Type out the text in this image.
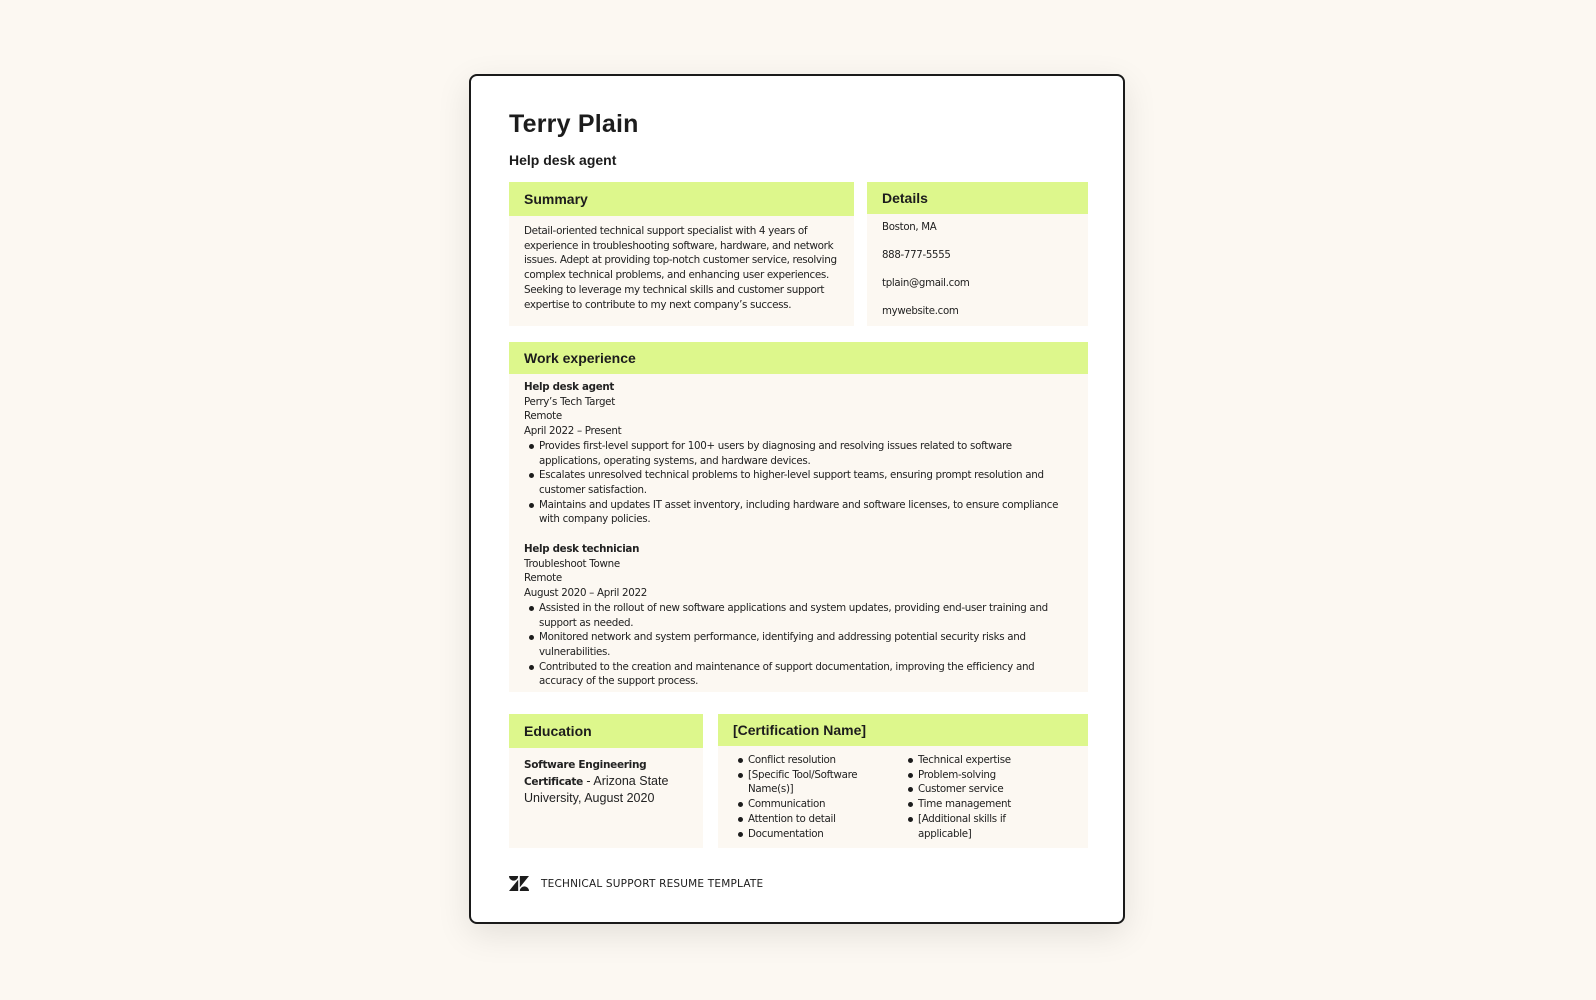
Terry Plain
Help desk agent
Summary

Detail-oriented technical support specialist with 4 years of experience in troubleshooting software, hardware, and network issues. Adept at providing top-notch customer service, resolving complex technical problems, and enhancing user experiences. Seeking to leverage my technical skills and customer support expertise to contribute to my next company’s success.

Details
Boston, MA
888-777-5555
tplain@gmail.com
mywebsite.com
Work experience
Help desk agent
Perry’s Tech Target
Remote
April 2022 – Present
Provides first-level support for 100+ users by diagnosing and resolving issues related to software applications, operating systems, and hardware devices.
Escalates unresolved technical problems to higher-level support teams, ensuring prompt resolution and customer satisfaction.
Maintains and updates IT asset inventory, including hardware and software licenses, to ensure compliance with company policies.
Help desk technician
Troubleshoot Towne
Remote
August 2020 – April 2022
Assisted in the rollout of new software applications and system updates, providing end-user training and support as needed.
Monitored network and system performance, identifying and addressing potential security risks and vulnerabilities.
Contributed to the creation and maintenance of support documentation, improving the efficiency and accuracy of the support process.
Education
Software Engineering Certificate - Arizona State University, August 2020
[Certification Name]
Conflict resolution
[Specific Tool/Software Name(s)]
Communication
Attention to detail
Documentation
Technical expertise
Problem-solving
Customer service
Time management
[Additional skills if applicable]
TECHNICAL SUPPORT RESUME TEMPLATE
